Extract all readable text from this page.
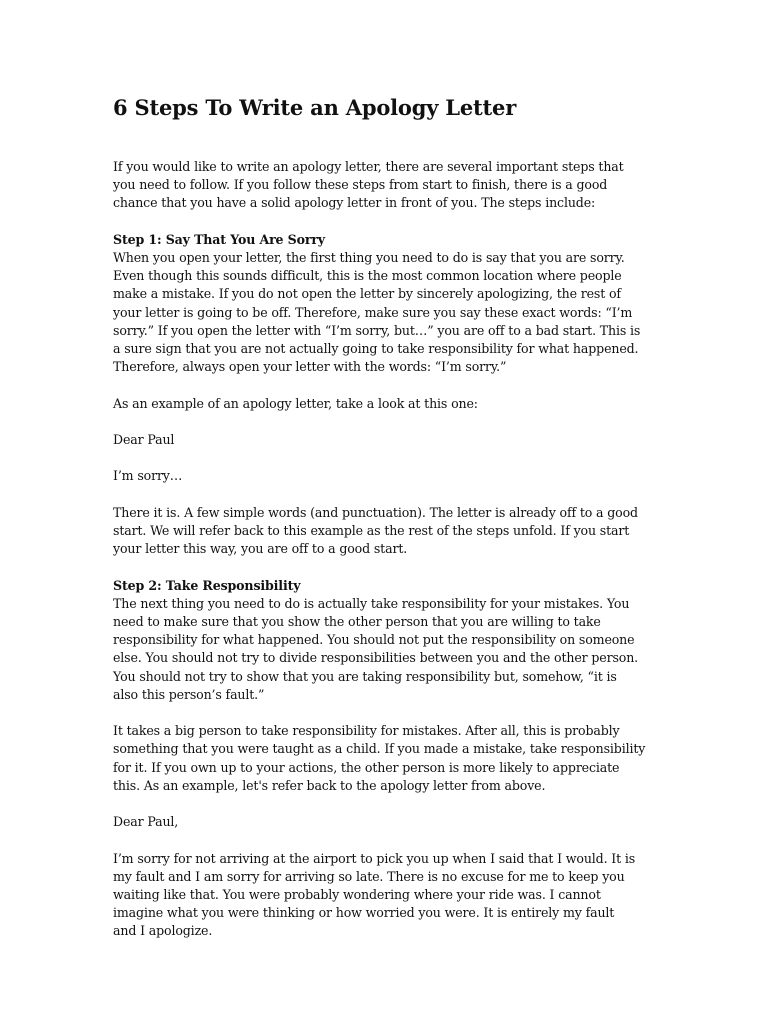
6 Steps To Write an Apology Letter

If you would like to write an apology letter, there are several important steps that
you need to follow. If you follow these steps from start to finish, there is a good
chance that you have a solid apology letter in front of you. The steps include:

Step 1: Say That You Are Sorry

When you open your letter, the first thing you need to do is say that you are sorry.
Even though this sounds difficult, this is the most common location where people
make a mistake. If you do not open the letter by sincerely apologizing, the rest of
your letter is going to be off. Therefore, make sure you say these exact words: “I’m
sorry.” If you open the letter with “I’m sorry, but…” you are off to a bad start. This is
a sure sign that you are not actually going to take responsibility for what happened.
Therefore, always open your letter with the words: “I’m sorry.”

As an example of an apology letter, take a look at this one:

Dear Paul

I’m sorry…

There it is. A few simple words (and punctuation). The letter is already off to a good
start. We will refer back to this example as the rest of the steps unfold. If you start
your letter this way, you are off to a good start.

Step 2: Take Responsibility

The next thing you need to do is actually take responsibility for your mistakes. You
need to make sure that you show the other person that you are willing to take
responsibility for what happened. You should not put the responsibility on someone
else. You should not try to divide responsibilities between you and the other person.
You should not try to show that you are taking responsibility but, somehow, “it is
also this person’s fault.”

It takes a big person to take responsibility for mistakes. After all, this is probably
something that you were taught as a child. If you made a mistake, take responsibility
for it. If you own up to your actions, the other person is more likely to appreciate
this. As an example, let's refer back to the apology letter from above.

Dear Paul,

I’m sorry for not arriving at the airport to pick you up when I said that I would. It is
my fault and I am sorry for arriving so late. There is no excuse for me to keep you
waiting like that. You were probably wondering where your ride was. I cannot
imagine what you were thinking or how worried you were. It is entirely my fault
and I apologize.
